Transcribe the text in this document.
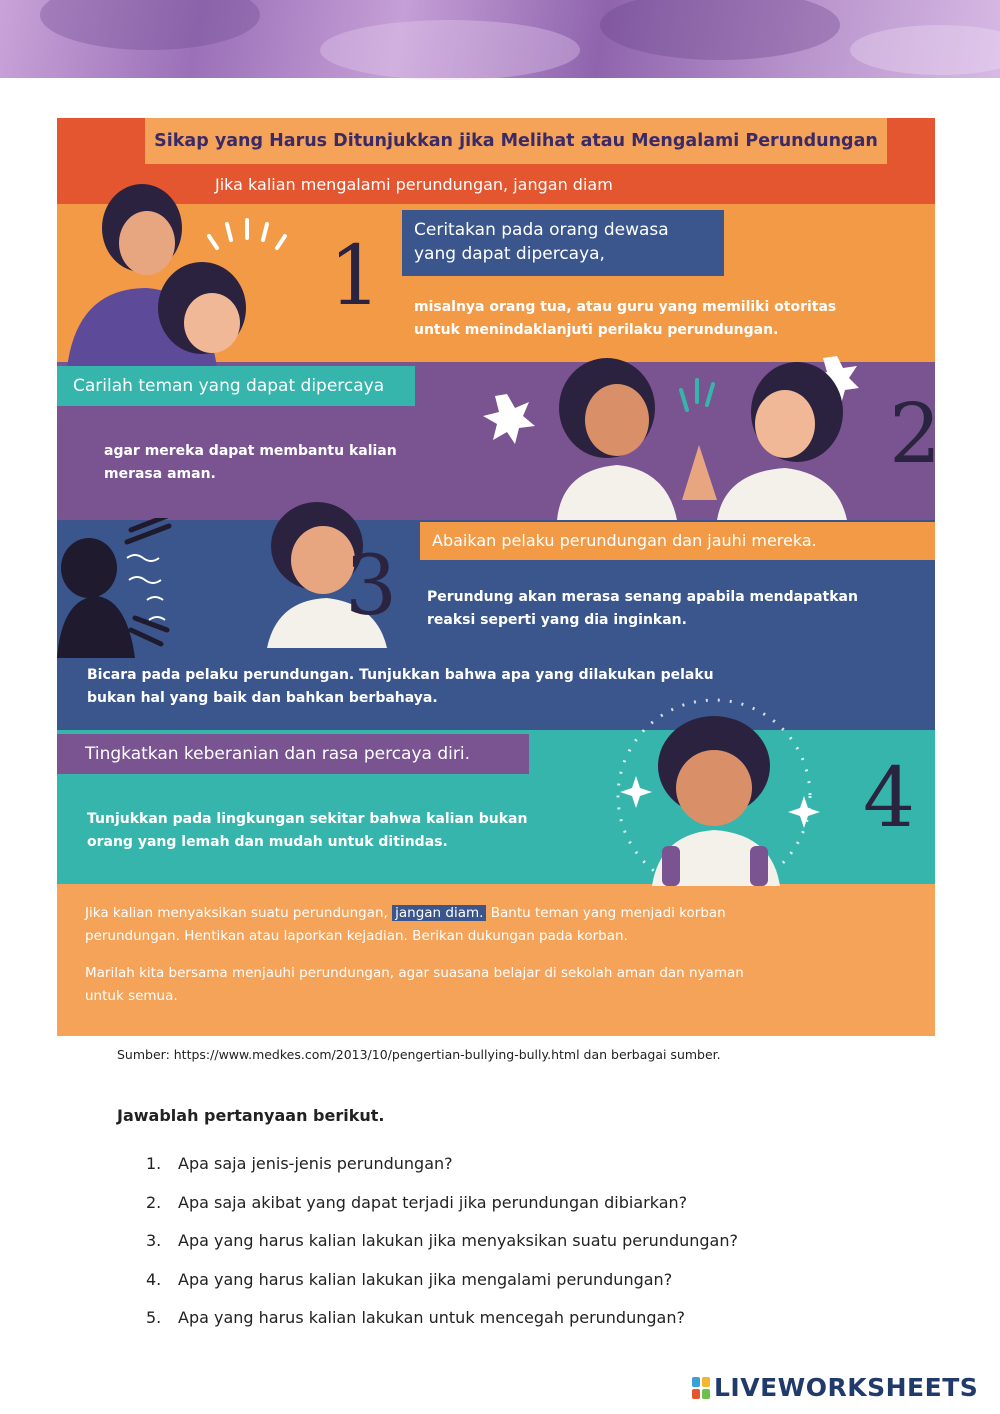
Sikap yang Harus Ditunjukkan jika Melihat atau Mengalami Perundungan
Jika kalian mengalami perundungan, jangan diam
1 Ceritakan pada orang dewasa
yang dapat dipercaya,
misalnya orang tua, atau guru yang memiliki otoritas
untuk menindaklanjuti perilaku perundungan.
Carilah teman yang dapat dipercaya
agar mereka dapat membantu kalian
merasa aman.	2
3	Abaikan pelaku perundungan dan jauhi mereka.
Perundung akan merasa senang apabila mendapatkan
reaksi seperti yang dia inginkan.
Bicara pada pelaku perundungan. Tunjukkan bahwa apa yang dilakukan pelaku
bukan hal yang baik dan bahkan berbahaya.
Tingkatkan keberanian dan rasa percaya diri.
Tunjukkan pada lingkungan sekitar bahwa kalian bukan
orang yang lemah dan mudah untuk ditindas.	4
Jika kalian menyaksikan suatu perundungan, jangan diam. Bantu teman yang menjadi korban
perundungan. Hentikan atau laporkan kejadian. Berikan dukungan pada korban.
Marilah kita bersama menjauhi perundungan, agar suasana belajar di sekolah aman dan nyaman
untuk semua.
Sumber: https://www.medkes.com/2013/10/pengertian-bullying-bully.html dan berbagai sumber.
Jawablah pertanyaan berikut.
1.	Apa saja jenis-jenis perundungan?
2.	Apa saja akibat yang dapat terjadi jika perundungan dibiarkan?
3.	Apa yang harus kalian lakukan jika menyaksikan suatu perundungan?
4.	Apa yang harus kalian lakukan jika mengalami perundungan?
5.	Apa yang harus kalian lakukan untuk mencegah perundungan?
LIVEWORKSHEETS
